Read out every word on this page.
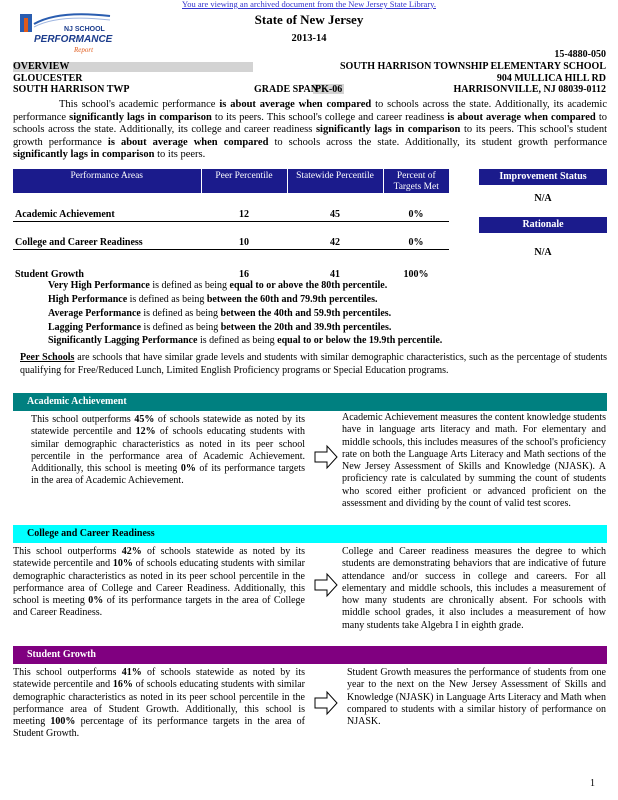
You are viewing an archived document from the New Jersey State Library.
NJ SCHOOL
PERFORMANCE
Report
State of New Jersey
2013-14
15-4880-050
OVERVIEW	SOUTH HARRISON TOWNSHIP ELEMENTARY SCHOOL
GLOUCESTER	904 MULLICA HILL RD
SOUTH HARRISON TWP	GRADE SPAN
PK-06	HARRISONVILLE, NJ 08039-0112
This school's academic performance is about average when compared to schools across the state. Additionally, its academic performance significantly lags in comparison to its peers. This school's college and career readiness is about average when compared to schools across the state. Additionally, its college and career readiness significantly lags in comparison to its peers. This school's student growth performance is about average when compared to schools across the state. Additionally, its student growth performance significantly lags in comparison to its peers.
Performance Areas	Peer Percentile	Statewide Percentile	Percent of Targets Met
Academic Achievement	12	45	0%
College and Career Readiness	10	42	0%
Student Growth	16	41	100%
Improvement Status
N/A
Rationale
N/A
Very High Performance is defined as being equal to or above the 80th percentile.
High Performance is defined as being between the 60th and 79.9th percentiles.
Average Performance is defined as being between the 40th and 59.9th percentiles.
Lagging Performance is defined as being between the 20th and 39.9th percentiles.
Significantly Lagging Performance is defined as being equal to or below the 19.9th percentile.
Peer Schools are schools that have similar grade levels and students with similar demographic characteristics, such as the percentage of students qualifying for Free/Reduced Lunch, Limited English Proficiency programs or Special Education programs.
Academic Achievement
This school outperforms 45% of schools statewide as noted by its statewide percentile and 12% of schools educating students with similar demographic characteristics as noted in its peer school percentile in the performance area of Academic Achievement. Additionally, this school is meeting 0% of its performance targets in the area of Academic Achievement.
Academic Achievement measures the content knowledge students have in language arts literacy and math. For elementary and middle schools, this includes measures of the school's proficiency rate on both the Language Arts Literacy and Math sections of the New Jersey Assessment of Skills and Knowledge (NJASK). A proficiency rate is calculated by summing the count of students who scored either proficient or advanced proficient on the assessment and dividing by the count of valid test scores.
College and Career Readiness
This school outperforms 42% of schools statewide as noted by its statewide percentile and 10% of schools educating students with similar demographic characteristics as noted in its peer school percentile in the performance area of College and Career Readiness. Additionally, this school is meeting 0% of its performance targets in the area of College and Career Readiness.
College and Career readiness measures the degree to which students are demonstrating behaviors that are indicative of future attendance and/or success in college and careers. For all elementary and middle schools, this includes a measurement of how many students are chronically absent. For schools with middle school grades, it also includes a measurement of how many students take Algebra I in eighth grade.
Student Growth
This school outperforms 41% of schools statewide as noted by its statewide percentile and 16% of schools educating students with similar demographic characteristics as noted in its peer school percentile in the performance area of Student Growth. Additionally, this school is meeting 100% percentage of its performance targets in the area of Student Growth.
Student Growth measures the performance of students from one year to the next on the New Jersey Assessment of Skills and Knowledge (NJASK) in Language Arts Literacy and Math when compared to students with a similar history of performance on NJASK.
1
